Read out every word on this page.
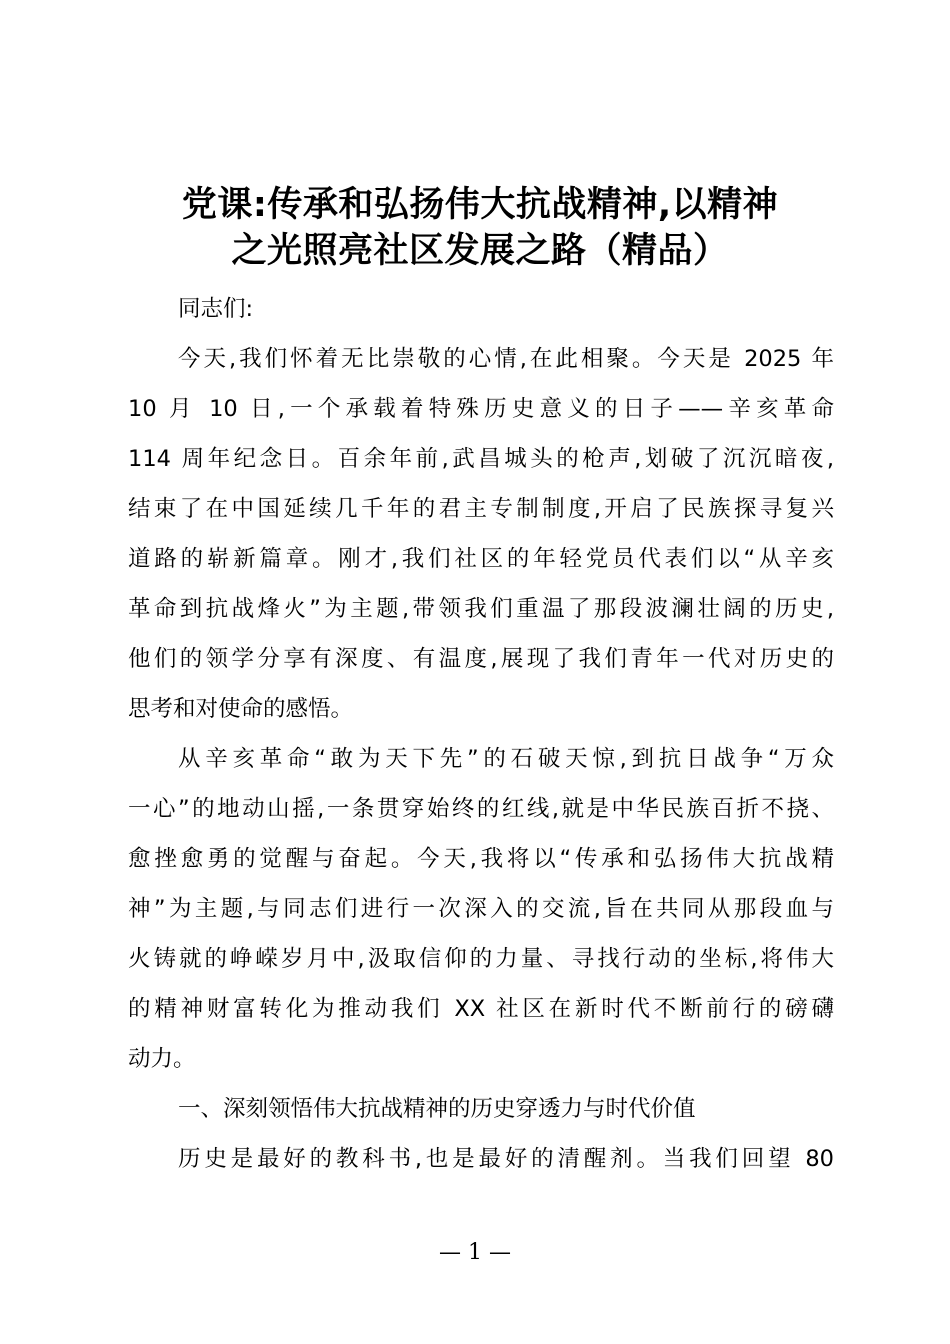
党课:传承和弘扬伟大抗战精神,以精神
之光照亮社区发展之路（精品）
同志们:
今天,我们怀着无比崇敬的心情,在此相聚。今天是 2025 年
10 月 10 日,一个承载着特殊历史意义的日子——辛亥革命
114 周年纪念日。百余年前,武昌城头的枪声,划破了沉沉暗夜,
结束了在中国延续几千年的君主专制制度,开启了民族探寻复兴
道路的崭新篇章。刚才,我们社区的年轻党员代表们以“从辛亥
革命到抗战烽火”为主题,带领我们重温了那段波澜壮阔的历史,
他们的领学分享有深度、有温度,展现了我们青年一代对历史的
思考和对使命的感悟。
从辛亥革命“敢为天下先”的石破天惊,到抗日战争“万众
一心”的地动山摇,一条贯穿始终的红线,就是中华民族百折不挠、
愈挫愈勇的觉醒与奋起。今天,我将以“传承和弘扬伟大抗战精
神”为主题,与同志们进行一次深入的交流,旨在共同从那段血与
火铸就的峥嵘岁月中,汲取信仰的力量、寻找行动的坐标,将伟大
的精神财富转化为推动我们 XX 社区在新时代不断前行的磅礴
动力。
一、深刻领悟伟大抗战精神的历史穿透力与时代价值
历史是最好的教科书,也是最好的清醒剂。当我们回望 80
— 1 —
